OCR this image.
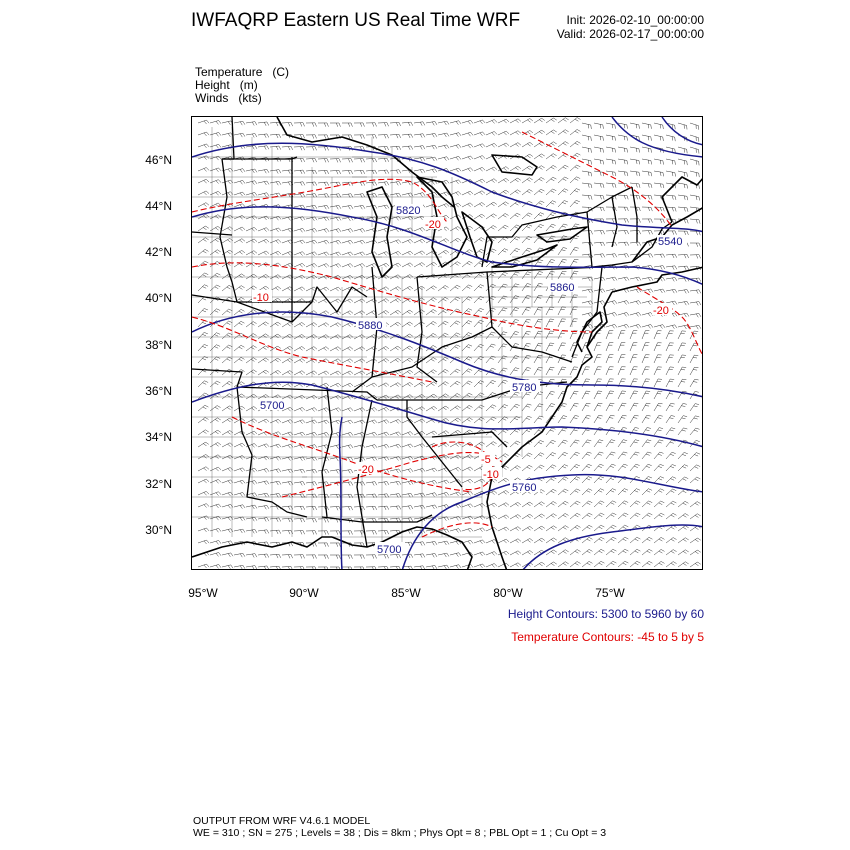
IWFAQRP Eastern US Real Time WRF	Init: 2026-02-10_00:00:00
Valid: 2026-02-17_00:00:00
Temperature (C)
Height (m)
Winds (kts)
46°N
44°N
42°N
40°N
38°N
36°N
34°N
32°N
30°N
95°W	90°W	85°W	80°W	75°W
5820
5700
5880
5780
5540
5860
5700
5760
-20
-20
-20	-10
-10
-5
Height Contours: 5300 to 5960 by 60
Temperature Contours: -45 to 5 by 5
OUTPUT FROM WRF V4.6.1 MODEL
WE = 310 ; SN = 275 ; Levels = 38 ; Dis = 8km ; Phys Opt = 8 ; PBL Opt = 1 ; Cu Opt = 3
